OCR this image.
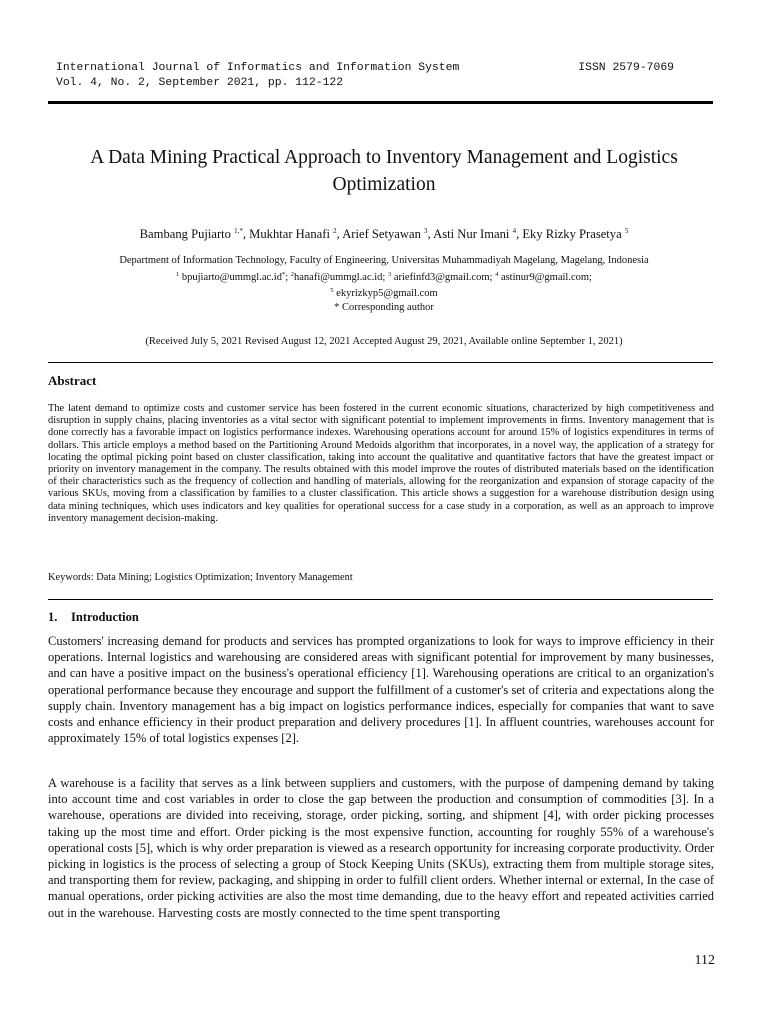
International Journal of Informatics and Information System
Vol. 4, No. 2, September 2021, pp. 112-122
ISSN 2579-7069
A Data Mining Practical Approach to Inventory Management and Logistics
Optimization
Bambang Pujiarto $^{1,*}$, Mukhtar Hanafi $^2$, Arief Setyawan $^3$, Asti Nur Imani $^4$, Eky Rizky Prasetya $^5$
Department of Information Technology, Faculty of Engineering, Universitas Muhammadiyah Magelang, Magelang, Indonesia
$^1$ bpujiarto@ummgl.ac.id*; $^2$hanafi@ummgl.ac.id; $^3$ ariefinfd3@gmail.com; $^4$ astinur9@gmail.com;
$^5$ ekyrizkyp5@gmail.com
* Corresponding author
(Received July 5, 2021 Revised August 12, 2021 Accepted August 29, 2021, Available online September 1, 2021)
Abstract
The latent demand to optimize costs and customer service has been fostered in the current economic situations, characterized by high competitiveness and disruption in supply chains, placing inventories as a vital sector with significant potential to implement improvements in firms. Inventory management that is done correctly has a favorable impact on logistics performance indexes. Warehousing operations account for around 15% of logistics expenditures in terms of dollars. This article employs a method based on the Partitioning Around Medoids algorithm that incorporates, in a novel way, the application of a strategy for locating the optimal picking point based on cluster classification, taking into account the qualitative and quantitative factors that have the greatest impact or priority on inventory management in the company. The results obtained with this model improve the routes of distributed materials based on the identification of their characteristics such as the frequency of collection and handling of materials, allowing for the reorganization and expansion of storage capacity of the various SKUs, moving from a classification by families to a cluster classification. This article shows a suggestion for a warehouse distribution design using data mining techniques, which uses indicators and key qualities for operational success for a case study in a corporation, as well as an approach to improve inventory management decision-making.
Keywords: Data Mining; Logistics Optimization; Inventory Management
1. Introduction
Customers' increasing demand for products and services has prompted organizations to look for ways to improve efficiency in their operations. Internal logistics and warehousing are considered areas with significant potential for improvement by many businesses, and can have a positive impact on the business's operational efficiency [1]. Warehousing operations are critical to an organization's operational performance because they encourage and support the fulfillment of a customer's set of criteria and expectations along the supply chain. Inventory management has a big impact on logistics performance indices, especially for companies that want to save costs and enhance efficiency in their product preparation and delivery procedures [1]. In affluent countries, warehouses account for approximately 15% of total logistics expenses [2].
A warehouse is a facility that serves as a link between suppliers and customers, with the purpose of dampening demand by taking into account time and cost variables in order to close the gap between the production and consumption of commodities [3]. In a warehouse, operations are divided into receiving, storage, order picking, sorting, and shipment [4], with order picking processes taking up the most time and effort. Order picking is the most expensive function, accounting for roughly 55% of a warehouse's operational costs [5], which is why order preparation is viewed as a research opportunity for increasing corporate productivity. Order picking in logistics is the process of selecting a group of Stock Keeping Units (SKUs), extracting them from multiple storage sites, and transporting them for review, packaging, and shipping in order to fulfill client orders. Whether internal or external, In the case of manual operations, order picking activities are also the most time demanding, due to the heavy effort and repeated activities carried out in the warehouse. Harvesting costs are mostly connected to the time spent transporting
112
